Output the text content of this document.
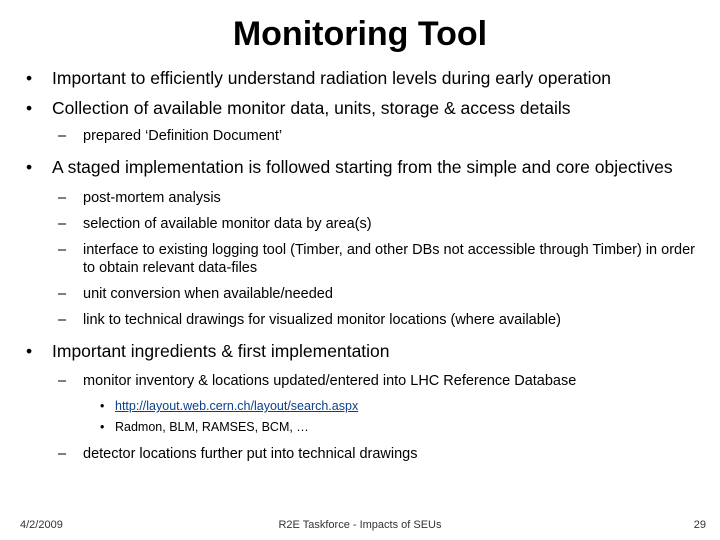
Monitoring Tool
• Important to efficiently understand radiation levels during early operation
• Collection of available monitor data, units, storage & access details
– prepared ‘Definition Document’
• A staged implementation is followed starting from the simple and core objectives
– post-mortem analysis
– selection of available monitor data by area(s)
– interface to existing logging tool (Timber, and other DBs not accessible through Timber) in order to obtain relevant data-files
– unit conversion when available/needed
– link to technical drawings for visualized monitor locations (where available)
• Important ingredients & first implementation
– monitor inventory & locations updated/entered into LHC Reference Database
• http://layout.web.cern.ch/layout/search.aspx
• Radmon, BLM, RAMSES, BCM, …
– detector locations further put into technical drawings
4/2/2009	R2E Taskforce - Impacts of SEUs	29
